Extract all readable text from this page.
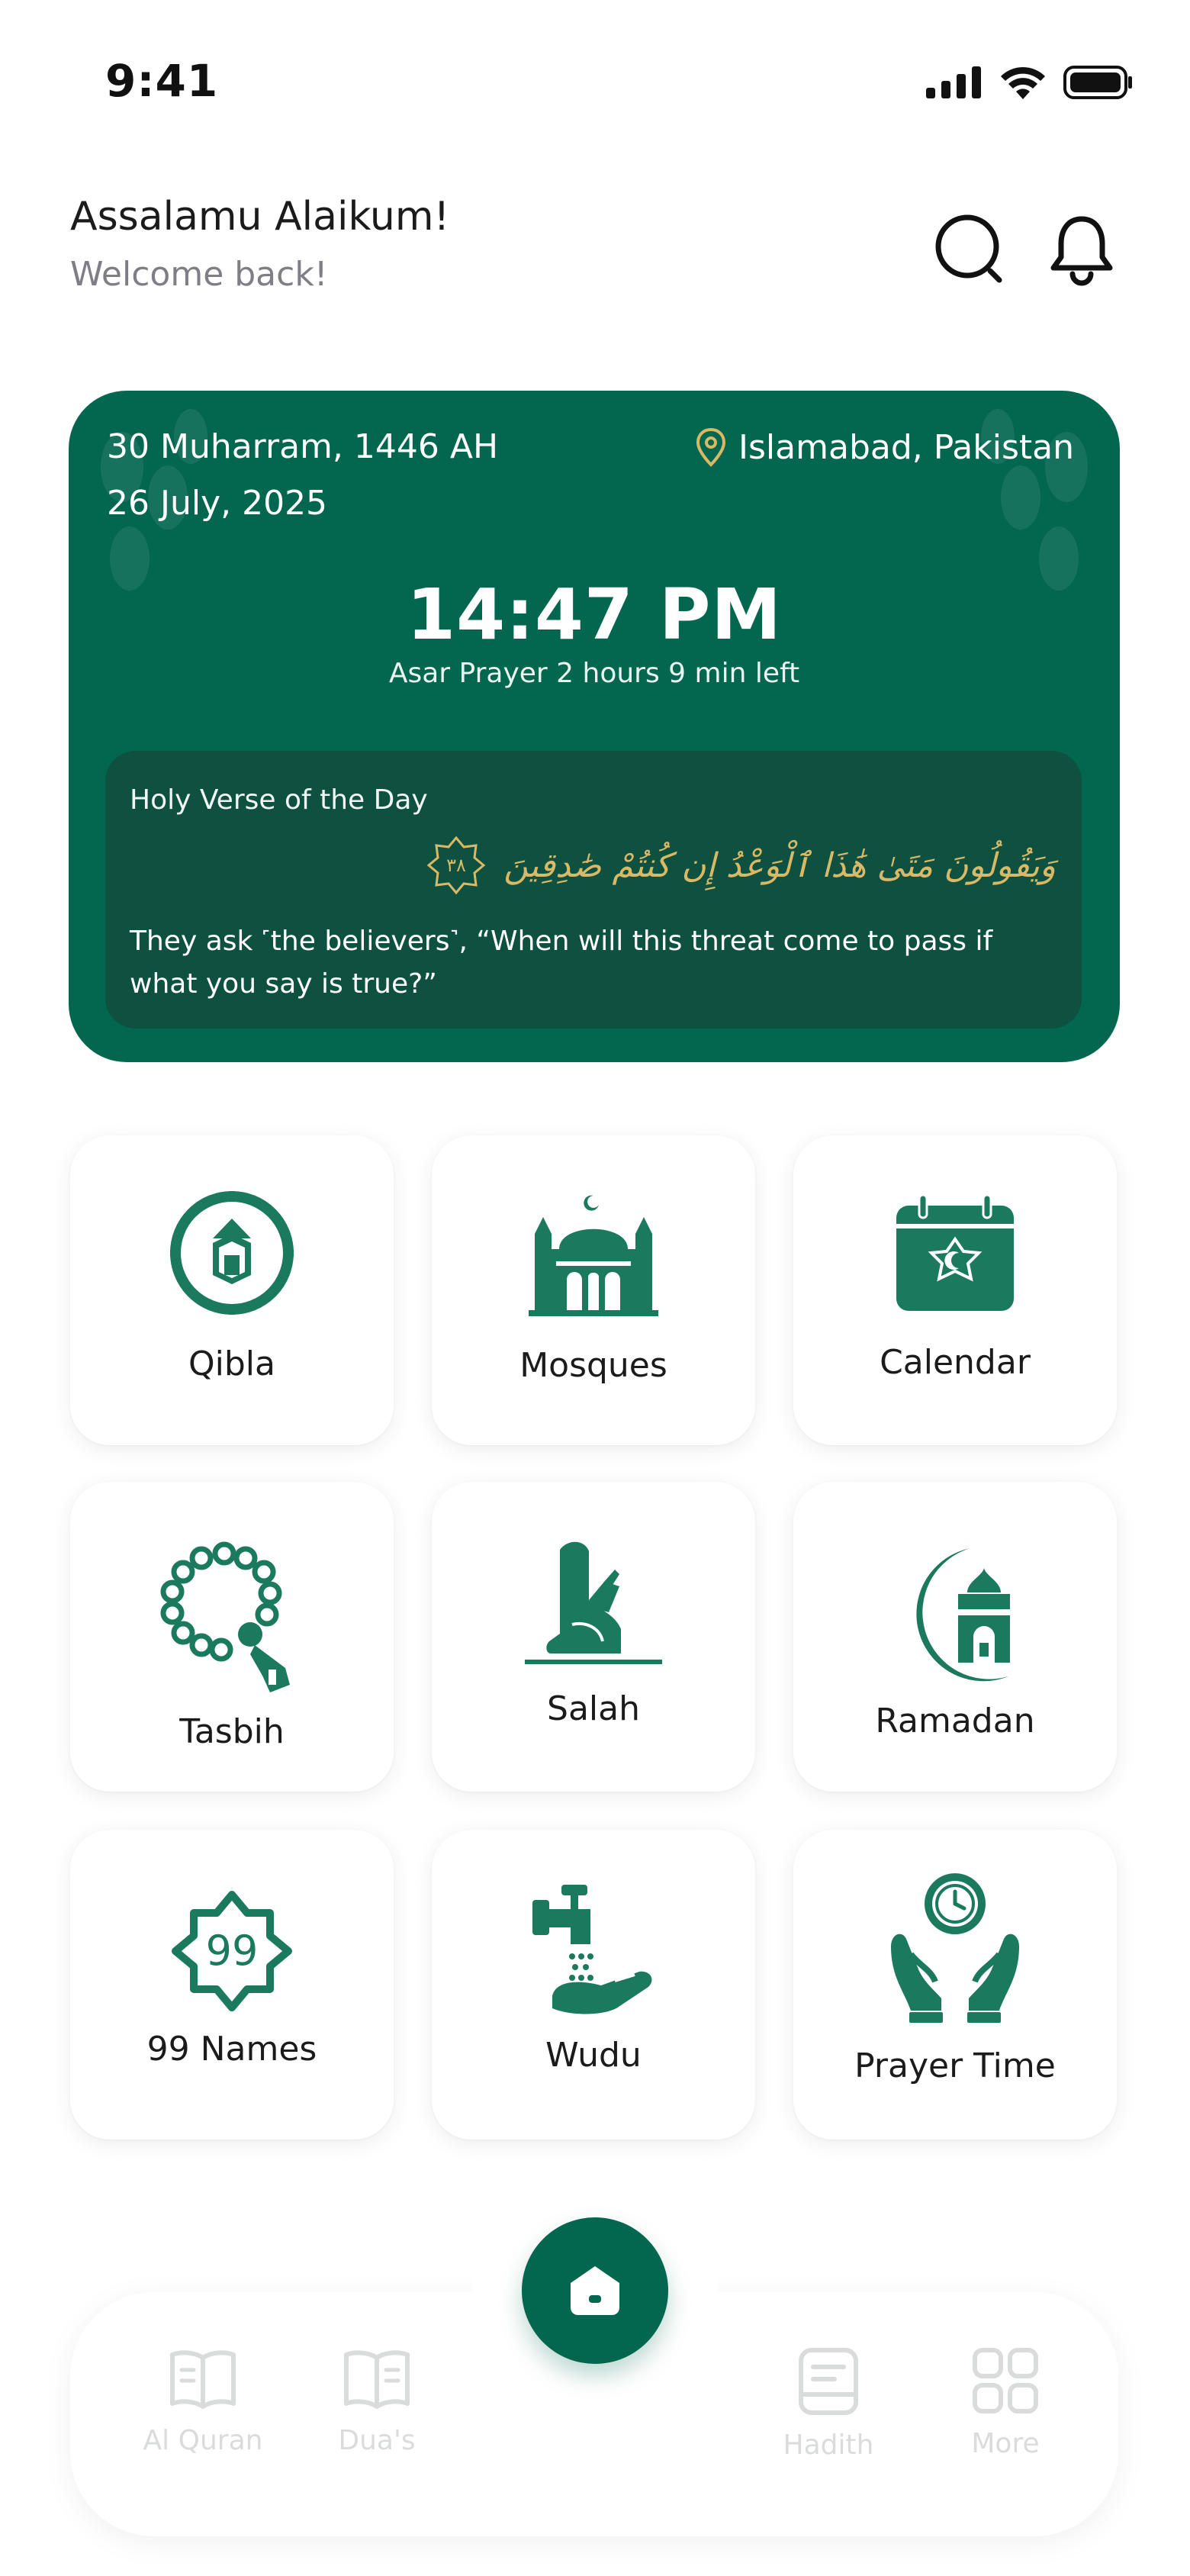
9:41
Assalamu Alaikum!
Welcome back!
30 Muharram, 1446 AH
26 July, 2025
Islamabad, Pakistan
14:47 PM
Asar Prayer 2 hours 9 min left
Holy Verse of the Day
٣٨ وَيَقُولُونَ مَتَىٰ هَٰذَا ٱلْوَعْدُ إِن كُنتُمْ صَٰدِقِينَ
They ask ˹the believers˺, “When will this threat come to pass if what you say is true?”
Qibla	Mosques	Calendar
Tasbih
Salah	Ramadan
99
99 Names	Wudu	Prayer Time
Al Quran	Dua's	Hadith	More
